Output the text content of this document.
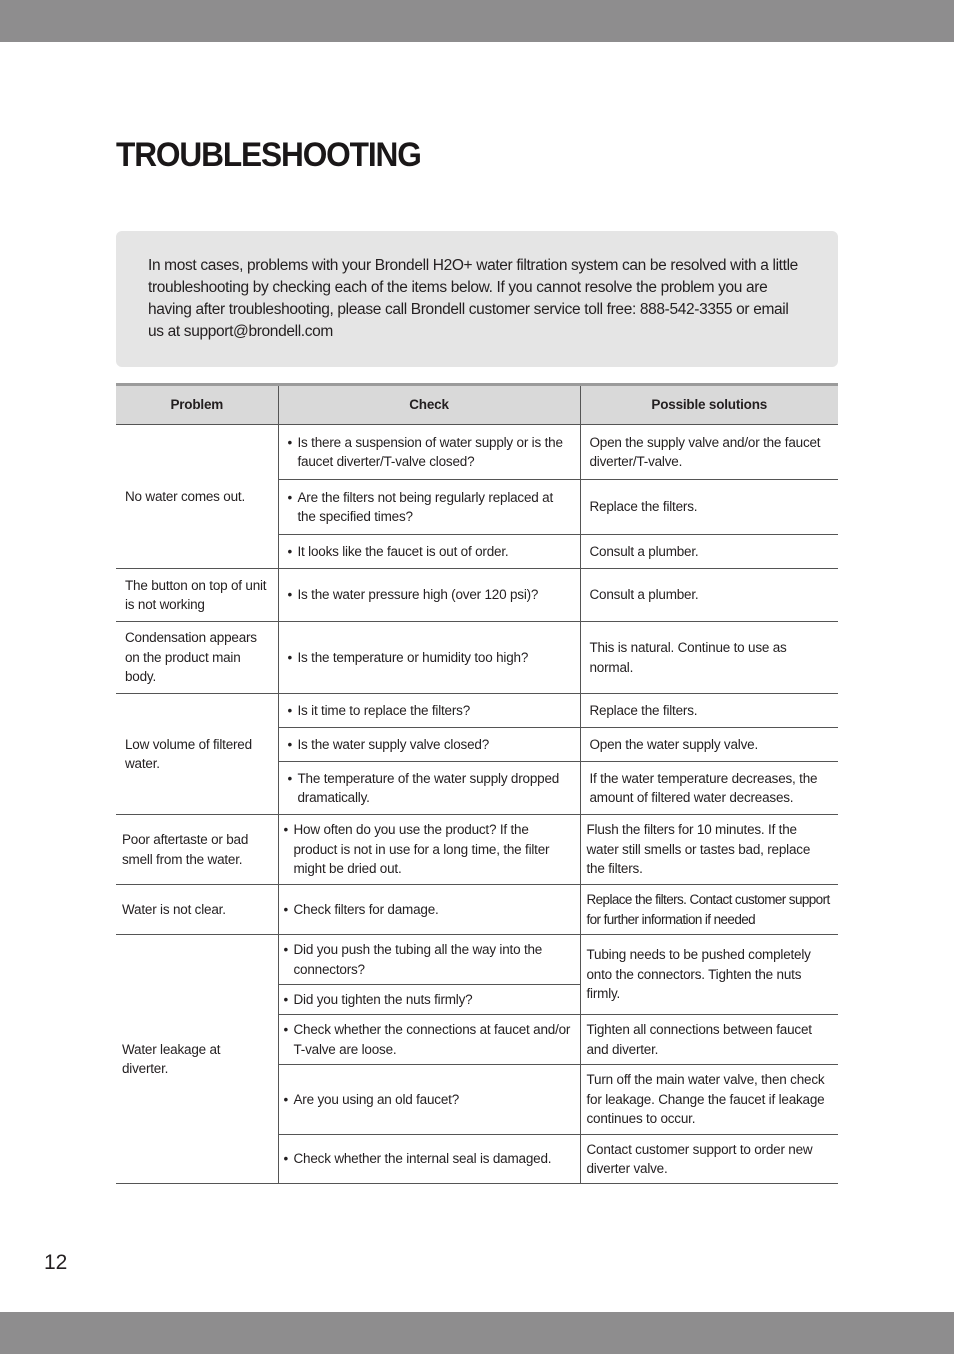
TROUBLESHOOTING
In most cases, problems with your Brondell H2O+ water filtration system can be resolved with a little troubleshooting by checking each of the items below. If you cannot resolve the problem you are having after troubleshooting, please call Brondell customer service toll free: 888-542-3355 or email us at support@brondell.com
Problem	Check	Possible solutions
No water comes out.	• Is there a suspension of water supply or is the faucet diverter/T-valve closed?	Open the supply valve and/or the faucet diverter/T-valve.

	• Are the filters not being regularly replaced at the specified times?	Replace the filters.

	• It looks like the faucet is out of order.	Consult a plumber.
The button on top of unit is not working	• Is the water pressure high (over 120 psi)?	Consult a plumber.
Condensation appears on the product main body.	• Is the temperature or humidity too high?	This is natural. Continue to use as normal.
Low volume of filtered water.	• Is it time to replace the filters?	Replace the filters.

	• Is the water supply valve closed?	Open the water supply valve.

	• The temperature of the water supply dropped dramatically.	If the water temperature decreases, the amount of filtered water decreases.
Poor aftertaste or bad smell from the water.	• How often do you use the product? If the product is not in use for a long time, the filter might be dried out.	Flush the filters for 10 minutes. If the water still smells or tastes bad, replace the filters.
Water is not clear.	• Check filters for damage.	Replace the filters. Contact customer support for further information if needed
Water leakage at diverter.	• Did you push the tubing all the way into the connectors?	Tubing needs to be pushed completely onto the connectors. Tighten the nuts firmly.

	• Did you tighten the nuts firmly?	

	• Check whether the connections at faucet and/or T-valve are loose.	Tighten all connections between faucet and diverter.

	• Are you using an old faucet?	Turn off the main water valve, then check for leakage. Change the faucet if leakage continues to occur.

	• Check whether the internal seal is damaged.	Contact customer support to order new diverter valve.
12
